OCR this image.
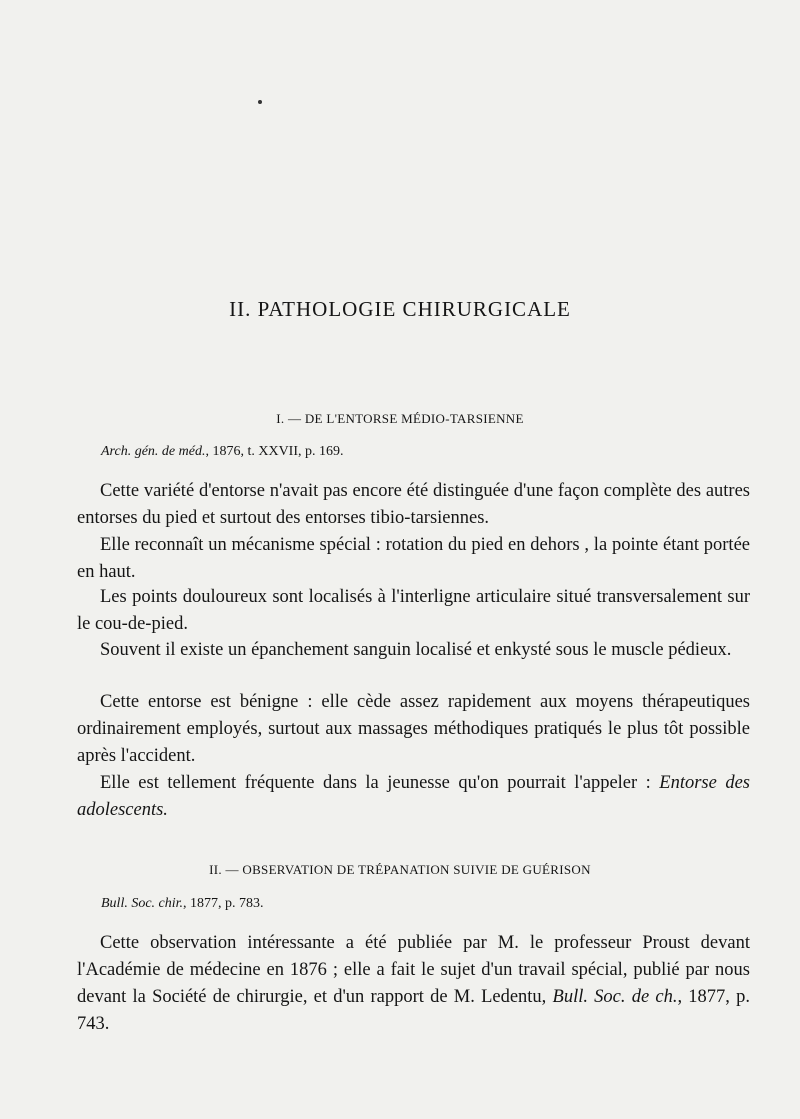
II. PATHOLOGIE CHIRURGICALE
I. — DE L'ENTORSE MÉDIO-TARSIENNE

Arch. gén. de méd., 1876, t. XXVII, p. 169.

Cette variété d'entorse n'avait pas encore été distinguée d'une façon complète des autres entorses du pied et surtout des entorses tibio-tarsiennes.

Elle reconnaît un mécanisme spécial : rotation du pied en dehors , la pointe étant portée en haut.

Les points douloureux sont localisés à l'interligne articulaire situé transversalement sur le cou-de-pied.

Souvent il existe un épanchement sanguin localisé et enkysté sous le muscle pédieux.

Cette entorse est bénigne : elle cède assez rapidement aux moyens thérapeutiques ordinairement employés, surtout aux massages méthodiques pratiqués le plus tôt possible après l'accident.

Elle est tellement fréquente dans la jeunesse qu'on pourrait l'appeler : Entorse des adolescents.

II. — OBSERVATION DE TRÉPANATION SUIVIE DE GUÉRISON

Bull. Soc. chir., 1877, p. 783.

Cette observation intéressante a été publiée par M. le professeur Proust devant l'Académie de médecine en 1876 ; elle a fait le sujet d'un travail spécial, publié par nous devant la Société de chirurgie, et d'un rapport de M. Ledentu, Bull. Soc. de ch., 1877, p. 743.
